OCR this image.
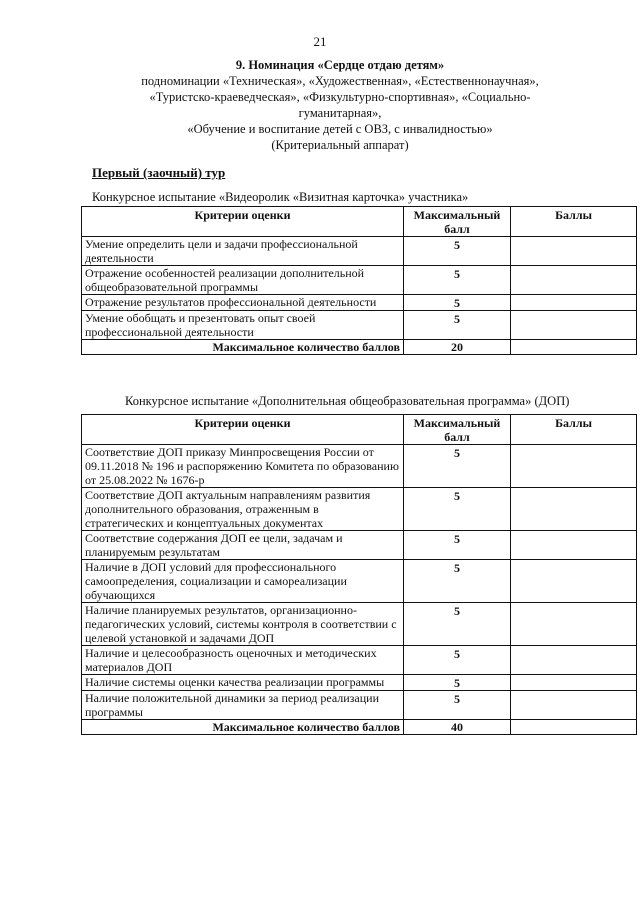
21
9. Номинация «Сердце отдаю детям»
подноминации «Техническая», «Художественная», «Естественнонаучная»,
«Туристско-краеведческая», «Физкультурно-спортивная», «Социально-
гуманитарная»,
«Обучение и воспитание детей с ОВЗ, с инвалидностью»
(Критериальный аппарат)
Первый (заочный) тур
Конкурсное испытание «Видеоролик «Визитная карточка» участника»
Критерии оценки	Максимальный балл	Баллы
Умение определить цели и задачи профессиональной деятельности	5	
Отражение особенностей реализации дополнительной общеобразовательной программы	5	
Отражение результатов профессиональной деятельности	5	
Умение обобщать и презентовать опыт своей профессиональной деятельности	5	
Максимальное количество баллов	20	
Конкурсное испытание «Дополнительная общеобразовательная программа» (ДОП)
Критерии оценки	Максимальный балл	Баллы
Соответствие ДОП приказу Минпросвещения России от 09.11.2018 № 196 и распоряжению Комитета по образованию от 25.08.2022 № 1676-р	5	
Соответствие ДОП актуальным направлениям развития дополнительного образования, отраженным в стратегических и концептуальных документах	5	
Соответствие содержания ДОП ее цели, задачам и планируемым результатам	5	
Наличие в ДОП условий для профессионального самоопределения, социализации и самореализации обучающихся	5	
Наличие планируемых результатов, организационно-педагогических условий, системы контроля в соответствии с целевой установкой и задачами ДОП	5	
Наличие и целесообразность оценочных и методических материалов ДОП	5	
Наличие системы оценки качества реализации программы	5	
Наличие положительной динамики за период реализации программы	5	
Максимальное количество баллов	40	
